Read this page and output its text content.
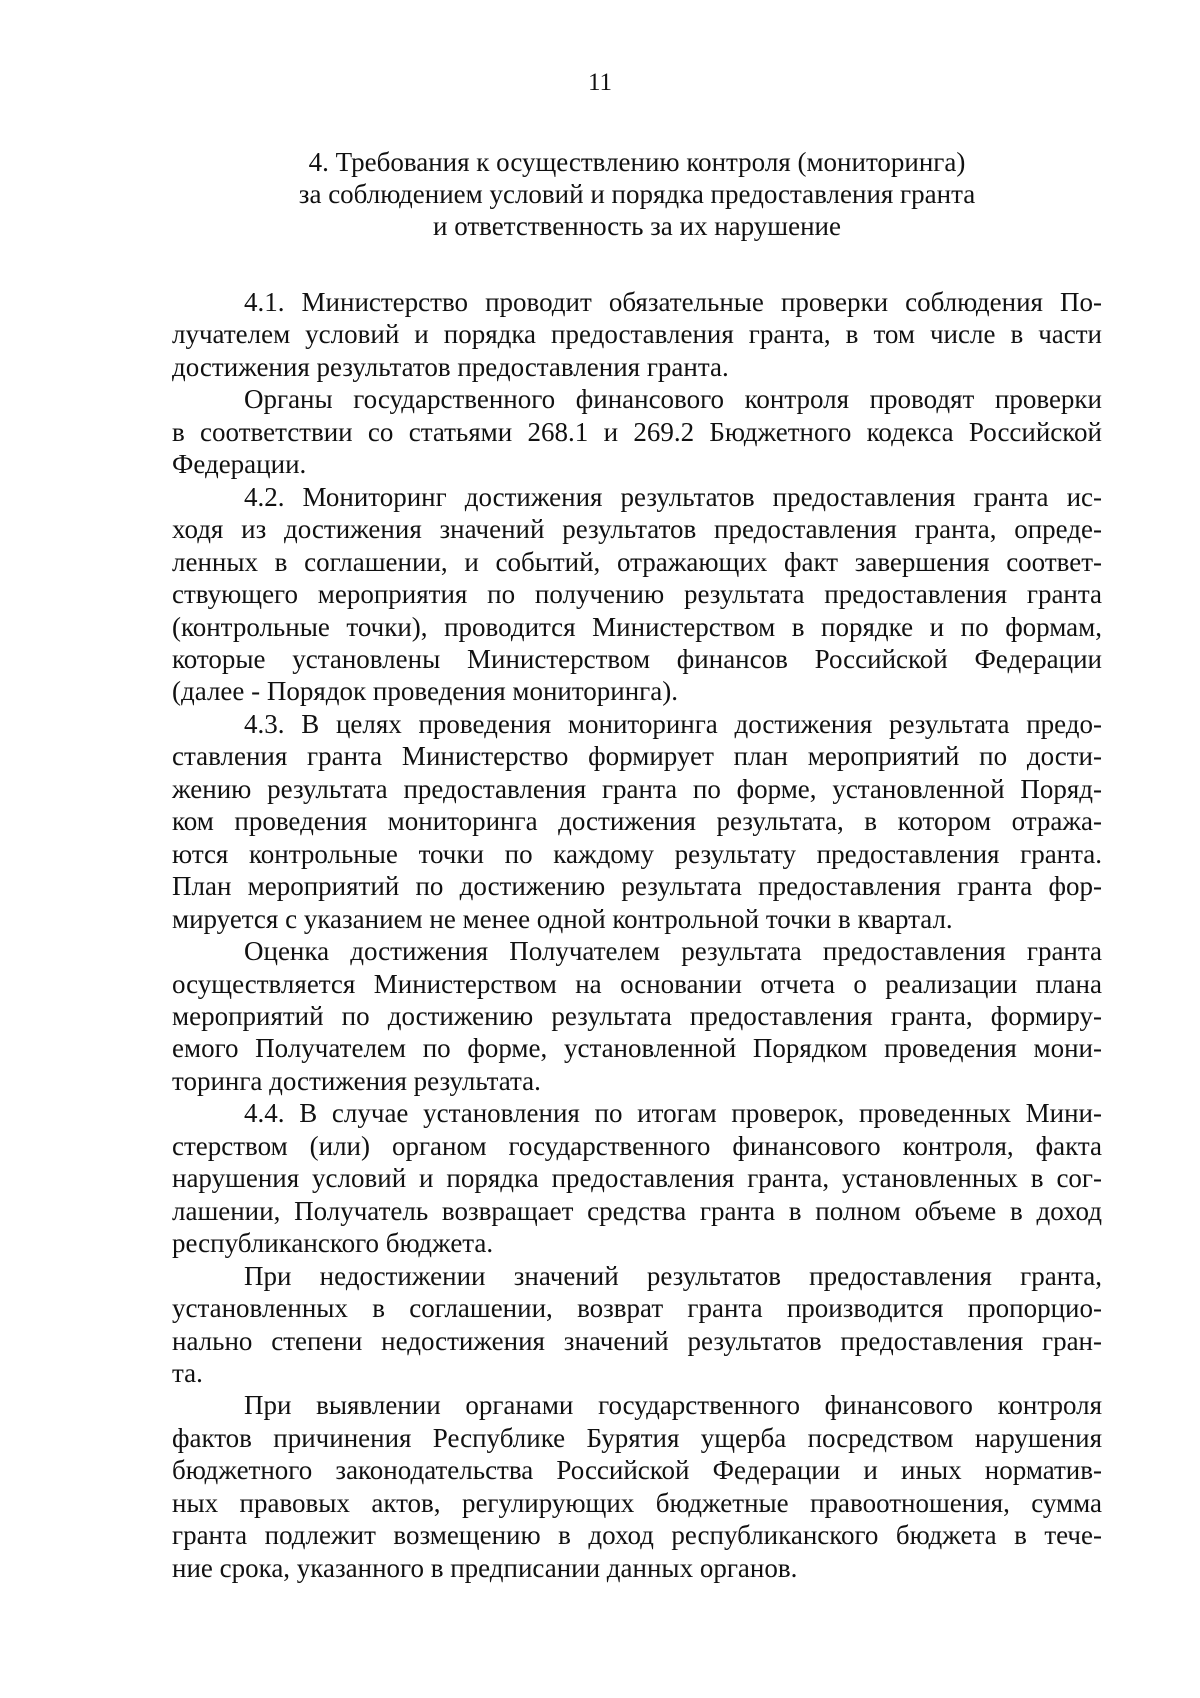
11
4. Требования к осуществлению контроля (мониторинга)
за соблюдением условий и порядка предоставления гранта
и ответственность за их нарушение
4.1. Министерство проводит обязательные проверки соблюдения По-
лучателем условий и порядка предоставления гранта, в том числе в части
достижения результатов предоставления гранта.
Органы государственного финансового контроля проводят проверки
в соответствии со статьями 268.1 и 269.2 Бюджетного кодекса Российской
Федерации.
4.2. Мониторинг достижения результатов предоставления гранта ис-
ходя из достижения значений результатов предоставления гранта, опреде-
ленных в соглашении, и событий, отражающих факт завершения соответ-
ствующего мероприятия по получению результата предоставления гранта
(контрольные точки), проводится Министерством в порядке и по формам,
которые установлены Министерством финансов Российской Федерации
(далее - Порядок проведения мониторинга).
4.3. В целях проведения мониторинга достижения результата предо-
ставления гранта Министерство формирует план мероприятий по дости-
жению результата предоставления гранта по форме, установленной Поряд-
ком проведения мониторинга достижения результата, в котором отража-
ются контрольные точки по каждому результату предоставления гранта.
План мероприятий по достижению результата предоставления гранта фор-
мируется с указанием не менее одной контрольной точки в квартал.
Оценка достижения Получателем результата предоставления гранта
осуществляется Министерством на основании отчета о реализации плана
мероприятий по достижению результата предоставления гранта, формиру-
емого Получателем по форме, установленной Порядком проведения мони-
торинга достижения результата.
4.4. В случае установления по итогам проверок, проведенных Мини-
стерством (или) органом государственного финансового контроля, факта
нарушения условий и порядка предоставления гранта, установленных в сог-
лашении, Получатель возвращает средства гранта в полном объеме в доход
республиканского бюджета.
При недостижении значений результатов предоставления гранта,
установленных в соглашении, возврат гранта производится пропорцио-
нально степени недостижения значений результатов предоставления гран-
та.
При выявлении органами государственного финансового контроля
фактов причинения Республике Бурятия ущерба посредством нарушения
бюджетного законодательства Российской Федерации и иных норматив-
ных правовых актов, регулирующих бюджетные правоотношения, сумма
гранта подлежит возмещению в доход республиканского бюджета в тече-
ние срока, указанного в предписании данных органов.
